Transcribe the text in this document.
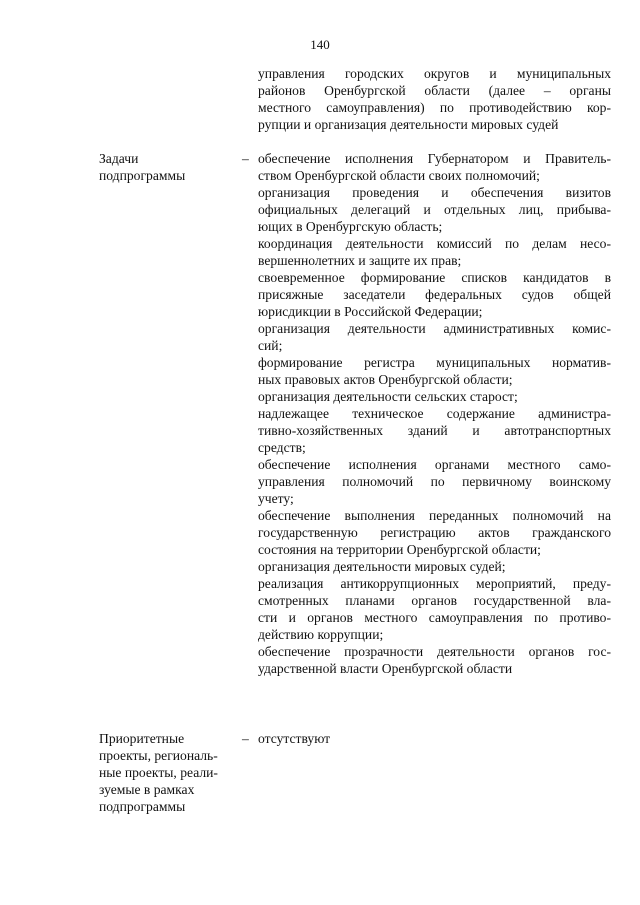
140
управления городских округов и муниципальных
районов Оренбургской области (далее – органы
местного самоуправления) по противодействию кор-
рупции и организация деятельности мировых судей
Задачи
подпрограммы
– обеспечение исполнения Губернатором и Правитель-
ством Оренбургской области своих полномочий;
организация проведения и обеспечения визитов
официальных делегаций и отдельных лиц, прибыва-
ющих в Оренбургскую область;
координация деятельности комиссий по делам несо-
вершеннолетних и защите их прав;
своевременное формирование списков кандидатов в
присяжные заседатели федеральных судов общей
юрисдикции в Российской Федерации;
организация деятельности административных комис-
сий;
формирование регистра муниципальных норматив-
ных правовых актов Оренбургской области;
организация деятельности сельских старост;
надлежащее техническое содержание администра-
тивно-хозяйственных зданий и автотранспортных
средств;
обеспечение исполнения органами местного само-
управления полномочий по первичному воинскому
учету;
обеспечение выполнения переданных полномочий на
государственную регистрацию актов гражданского
состояния на территории Оренбургской области;
организация деятельности мировых судей;
реализация антикоррупционных мероприятий, преду-
смотренных планами органов государственной вла-
сти и органов местного самоуправления по противо-
действию коррупции;
обеспечение прозрачности деятельности органов гос-
ударственной власти Оренбургской области
Приоритетные
проекты, региональ-
ные проекты, реали-
зуемые в рамках
подпрограммы
– отсутствуют
